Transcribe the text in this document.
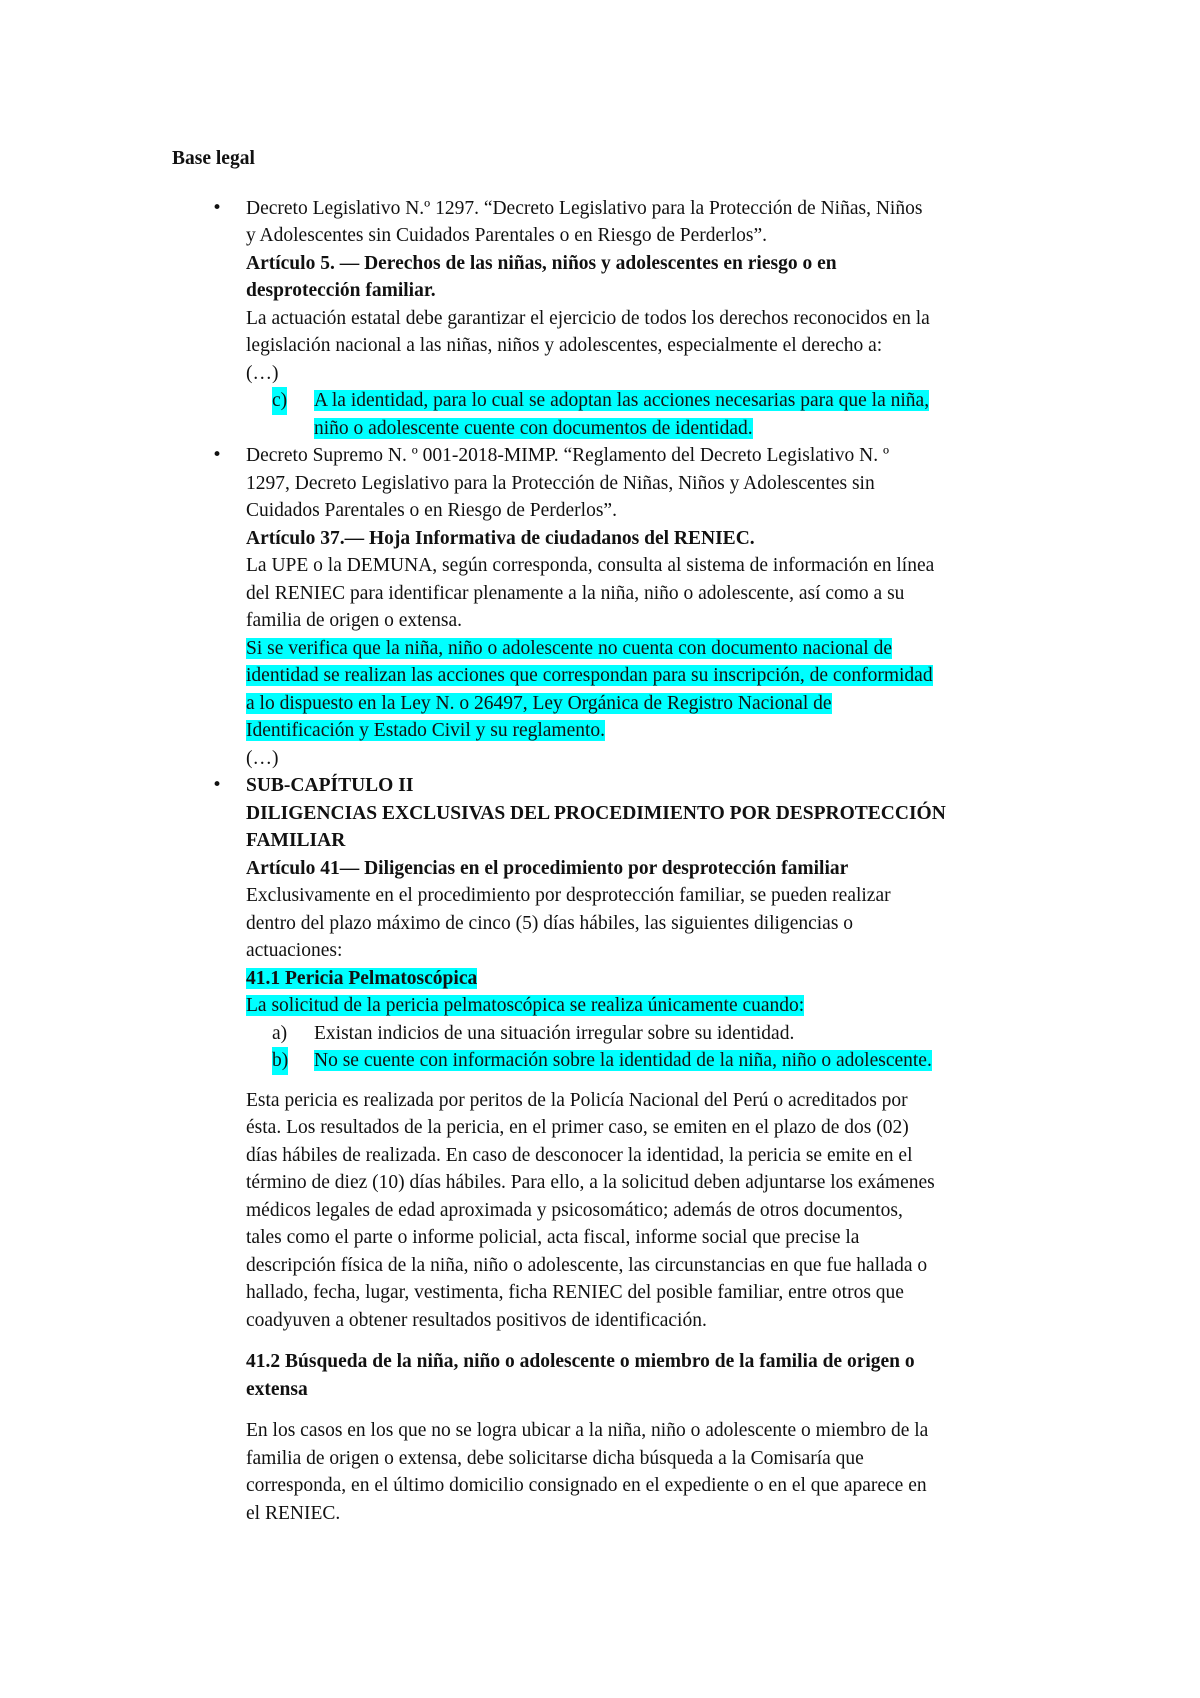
Base legal
• Decreto Legislativo N.º 1297. “Decreto Legislativo para la Protección de Niñas, Niños
y Adolescentes sin Cuidados Parentales o en Riesgo de Perderlos”.
Artículo 5. — Derechos de las niñas, niños y adolescentes en riesgo o en
desprotección familiar.
La actuación estatal debe garantizar el ejercicio de todos los derechos reconocidos en la
legislación nacional a las niñas, niños y adolescentes, especialmente el derecho a:
(…)
c) A la identidad, para lo cual se adoptan las acciones necesarias para que la niña,
niño o adolescente cuente con documentos de identidad.
• Decreto Supremo N. º 001-2018-MIMP. “Reglamento del Decreto Legislativo N. º
1297, Decreto Legislativo para la Protección de Niñas, Niños y Adolescentes sin
Cuidados Parentales o en Riesgo de Perderlos”.
Artículo 37.— Hoja Informativa de ciudadanos del RENIEC.
La UPE o la DEMUNA, según corresponda, consulta al sistema de información en línea
del RENIEC para identificar plenamente a la niña, niño o adolescente, así como a su
familia de origen o extensa.
Si se verifica que la niña, niño o adolescente no cuenta con documento nacional de
identidad se realizan las acciones que correspondan para su inscripción, de conformidad
a lo dispuesto en la Ley N. o 26497, Ley Orgánica de Registro Nacional de
Identificación y Estado Civil y su reglamento.
(…)
• SUB-CAPÍTULO II
DILIGENCIAS EXCLUSIVAS DEL PROCEDIMIENTO POR DESPROTECCIÓN
FAMILIAR
Artículo 41— Diligencias en el procedimiento por desprotección familiar
Exclusivamente en el procedimiento por desprotección familiar, se pueden realizar
dentro del plazo máximo de cinco (5) días hábiles, las siguientes diligencias o
actuaciones:
41.1 Pericia Pelmatoscópica
La solicitud de la pericia pelmatoscópica se realiza únicamente cuando:
a) Existan indicios de una situación irregular sobre su identidad.
b) No se cuente con información sobre la identidad de la niña, niño o adolescente.
Esta pericia es realizada por peritos de la Policía Nacional del Perú o acreditados por
ésta. Los resultados de la pericia, en el primer caso, se emiten en el plazo de dos (02)
días hábiles de realizada. En caso de desconocer la identidad, la pericia se emite en el
término de diez (10) días hábiles. Para ello, a la solicitud deben adjuntarse los exámenes
médicos legales de edad aproximada y psicosomático; además de otros documentos,
tales como el parte o informe policial, acta fiscal, informe social que precise la
descripción física de la niña, niño o adolescente, las circunstancias en que fue hallada o
hallado, fecha, lugar, vestimenta, ficha RENIEC del posible familiar, entre otros que
coadyuven a obtener resultados positivos de identificación.
41.2 Búsqueda de la niña, niño o adolescente o miembro de la familia de origen o
extensa
En los casos en los que no se logra ubicar a la niña, niño o adolescente o miembro de la
familia de origen o extensa, debe solicitarse dicha búsqueda a la Comisaría que
corresponda, en el último domicilio consignado en el expediente o en el que aparece en
el RENIEC.
